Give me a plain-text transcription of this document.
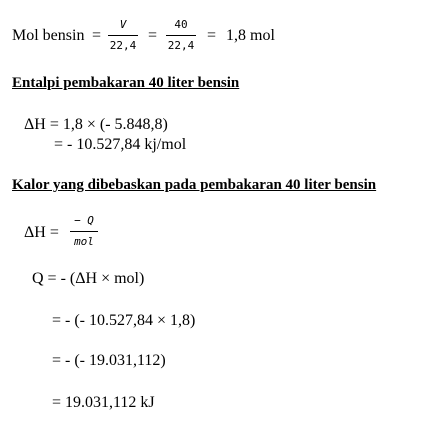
Mol bensin =
V
22,4
=
40
22,4
= 1,8 mol
Entalpi pembakaran 40 liter bensin
ΔH = 1,8 × (- 5.848,8)
= - 10.527,84 kj/mol
Kalor yang dibebaskan pada pembakaran 40 liter bensin
ΔH =
− Q
mol
Q = - (ΔH × mol)
= - (- 10.527,84 × 1,8)
= - (- 19.031,112)
= 19.031,112 kJ
